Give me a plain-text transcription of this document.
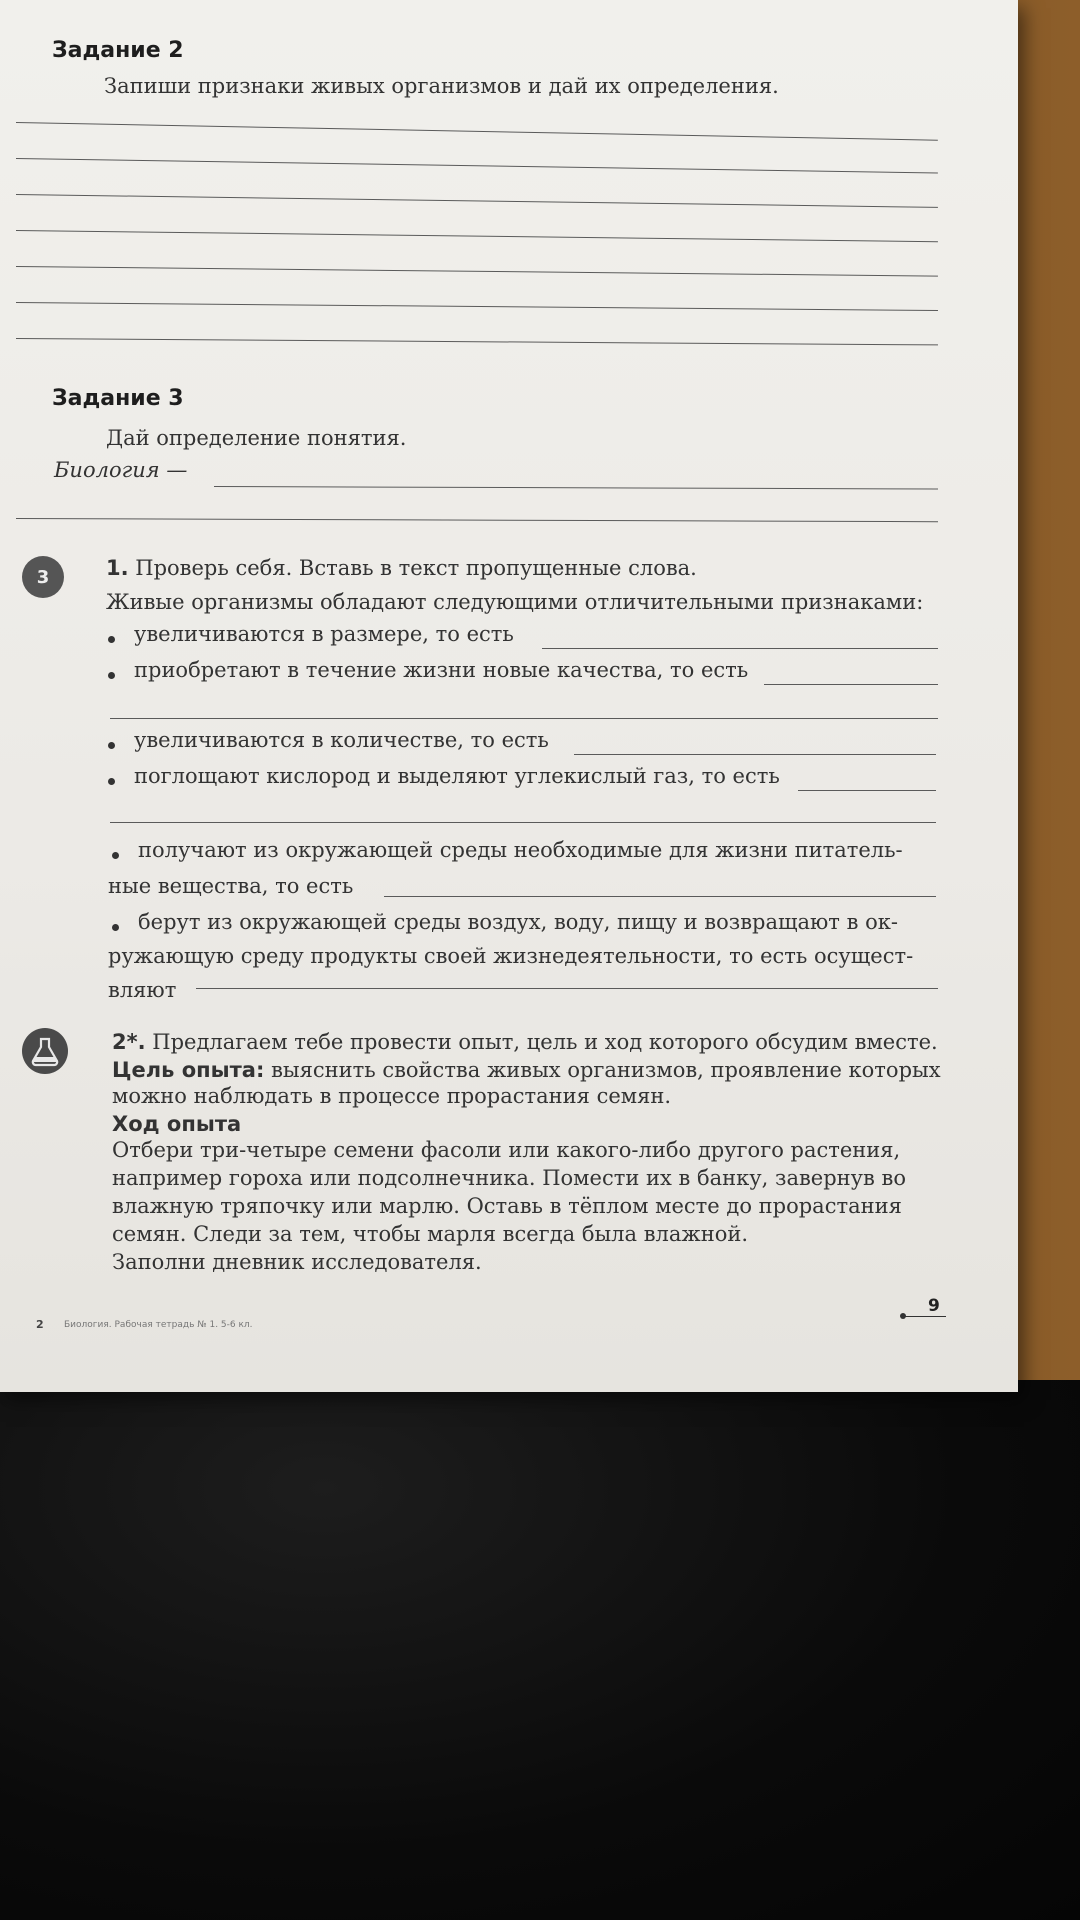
Задание 2
Запиши признаки живых организмов и дай их определения.
Задание 3
Дай определение понятия.
Биология —
3	1. Проверь себя. Вставь в текст пропущенные слова.
Живые организмы обладают следующими отличительными признаками:
увеличиваются в размере, то есть
приобретают в течение жизни новые качества, то есть
увеличиваются в количестве, то есть
поглощают кислород и выделяют углекислый газ, то есть
получают из окружающей среды необходимые для жизни питатель-
ные вещества, то есть
берут из окружающей среды воздух, воду, пищу и возвращают в ок-
ружающую среду продукты своей жизнедеятельности, то есть осущест-
вляют
2*. Предлагаем тебе провести опыт, цель и ход которого обсудим вместе.
Цель опыта: выяснить свойства живых организмов, проявление которых
можно наблюдать в процессе прорастания семян.
Ход опыта
Отбери три-четыре семени фасоли или какого-либо другого растения,
например гороха или подсолнечника. Помести их в банку, завернув во
влажную тряпочку или марлю. Оставь в тёплом месте до прорастания
семян. Следи за тем, чтобы марля всегда была влажной.
Заполни дневник исследователя.
2 Биология. Рабочая тетрадь № 1. 5-6 кл.
9
